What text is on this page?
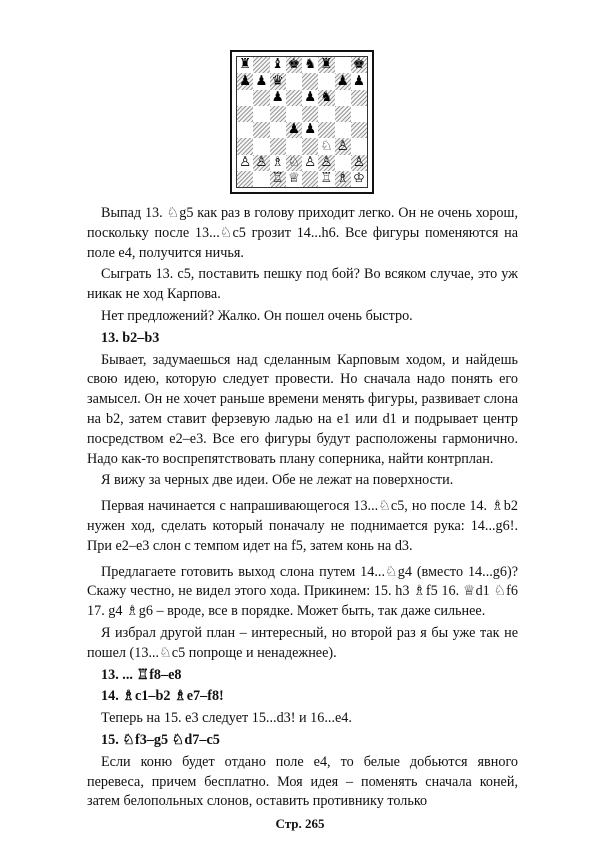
♜ ♝ ♚ ♞ ♜ ♚
♟ ♟ ♛	♟ ♟
♟ ♟ ♞
♟ ♟
♘ ♙
♙ ♙ ♗ ♘ ♙ ♙ ♙
♖ ♕ ♖ ♗ ♔

Выпад 13. ♘g5 как раз в голову приходит легко. Он не очень хорош, поскольку после 13...♘c5 грозит 14...h6. Все фигуры поменяются на поле e4, получится ничья.

Сыграть 13. c5, поставить пешку под бой? Во всяком случае, это уж никак не ход Карпова.

Нет предложений? Жалко. Он пошел очень быстро.

13. b2–b3

Бывает, задумаешься над сделанным Карповым ходом, и найдешь свою идею, которую следует провести. Но сначала надо понять его замысел. Он не хочет раньше времени менять фигуры, развивает слона на b2, затем ставит ферзевую ладью на e1 или d1 и подрывает центр посредством e2–e3. Все его фигуры будут расположены гармонично. Надо как-то воспрепятствовать плану соперника, найти контрплан.

Я вижу за черных две идеи. Обе не лежат на поверхности.

Первая начинается с напрашивающегося 13...♘c5, но после 14. ♗b2 нужен ход, сделать который поначалу не поднимается рука: 14...g6!. При e2–e3 слон с темпом идет на f5, затем конь на d3.

Предлагаете готовить выход слона путем 14...♘g4 (вместо 14...g6)? Скажу честно, не видел этого хода. Прикинем: 15. h3 ♗f5 16. ♕d1 ♘f6 17. g4 ♗g6 – вроде, все в порядке. Может быть, так даже сильнее.

Я избрал другой план – интересный, но второй раз я бы уже так не пошел (13...♘c5 попроще и ненадежнее).

13. ... ♖f8–e8

14. ♗c1–b2 ♗e7–f8!

Теперь на 15. e3 следует 15...d3! и 16...e4.

15. ♘f3–g5 ♘d7–c5

Если коню будет отдано поле e4, то белые добьются явного перевеса, причем бесплатно. Моя идея – поменять сначала коней, затем белопольных слонов, оставить противнику только

Стр. 265
